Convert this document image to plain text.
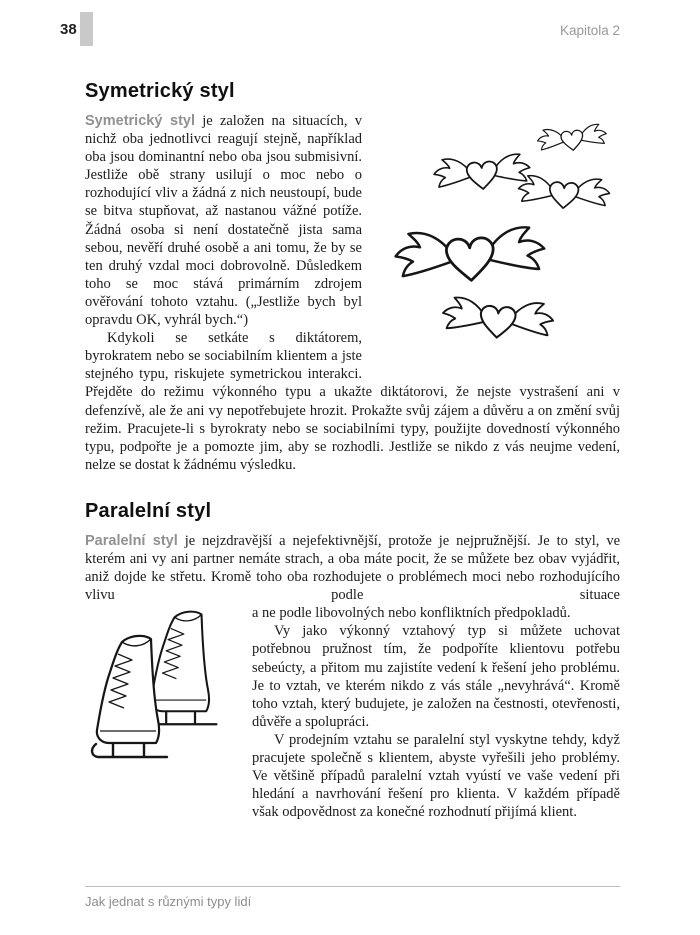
38	Kapitola 2
Symetrický styl

Symetrický styl je založen na situacích, v nichž oba jednotlivci reagují stejně, například oba jsou dominantní nebo oba jsou submisivní. Jestliže obě strany usilují o moc nebo o rozhodující vliv a žádná z nich neustoupí, bude se bitva stupňovat, až nastanou vážné potíže. Žádná osoba si není dostatečně jista sama sebou, nevěří druhé osobě a ani tomu, že by se ten druhý vzdal moci dobrovolně. Důsledkem toho se moc stává primárním zdrojem ověřování tohoto vztahu. („Jestliže bych byl opravdu OK, vyhrál bych.“)

Kdykoli se setkáte s diktátorem, byrokratem nebo se sociabilním klientem a jste stejného typu, riskujete symetrickou interakci. Přejděte do režimu výkonného typu a ukažte diktátorovi, že nejste vystrašení ani v defenzívě, ale že ani vy nepotřebujete hrozit. Prokažte svůj zájem a důvěru a on změní svůj režim. Pracujete-li s byrokraty nebo se sociabilními typy, použijte dovedností výkonného typu, podpořte je a pomozte jim, aby se rozhodli. Jestliže se nikdo z vás neujme vedení, nelze se dostat k žádnému výsledku.

Paralelní styl

Paralelní styl je nejzdravější a nejefektivnější, protože je nejpružnější. Je to styl, ve kterém ani vy ani partner nemáte strach, a oba máte pocit, že se můžete bez obav vyjádřit, aniž dojde ke střetu. Kromě toho oba rozhodujete o problémech moci nebo rozhodujícího vlivu podle situace

a ne podle libovolných nebo konfliktních předpokladů.

Vy jako výkonný vztahový typ si můžete uchovat potřebnou pružnost tím, že podpoříte klientovu potřebu sebeúcty, a přitom mu zajistíte vedení k řešení jeho problému. Je to vztah, ve kterém nikdo z vás stále „nevyhrává“. Kromě toho vztah, který budujete, je založen na čestnosti, otevřenosti, důvěře a spolupráci.

V prodejním vztahu se paralelní styl vyskytne tehdy, když pracujete společně s klientem, abyste vyřešili jeho problémy. Ve většině případů paralelní vztah vyústí ve vaše vedení při hledání a navrhování řešení pro klienta. V každém případě však odpovědnost za konečné rozhodnutí přijímá klient.

Jak jednat s různými typy lidí
